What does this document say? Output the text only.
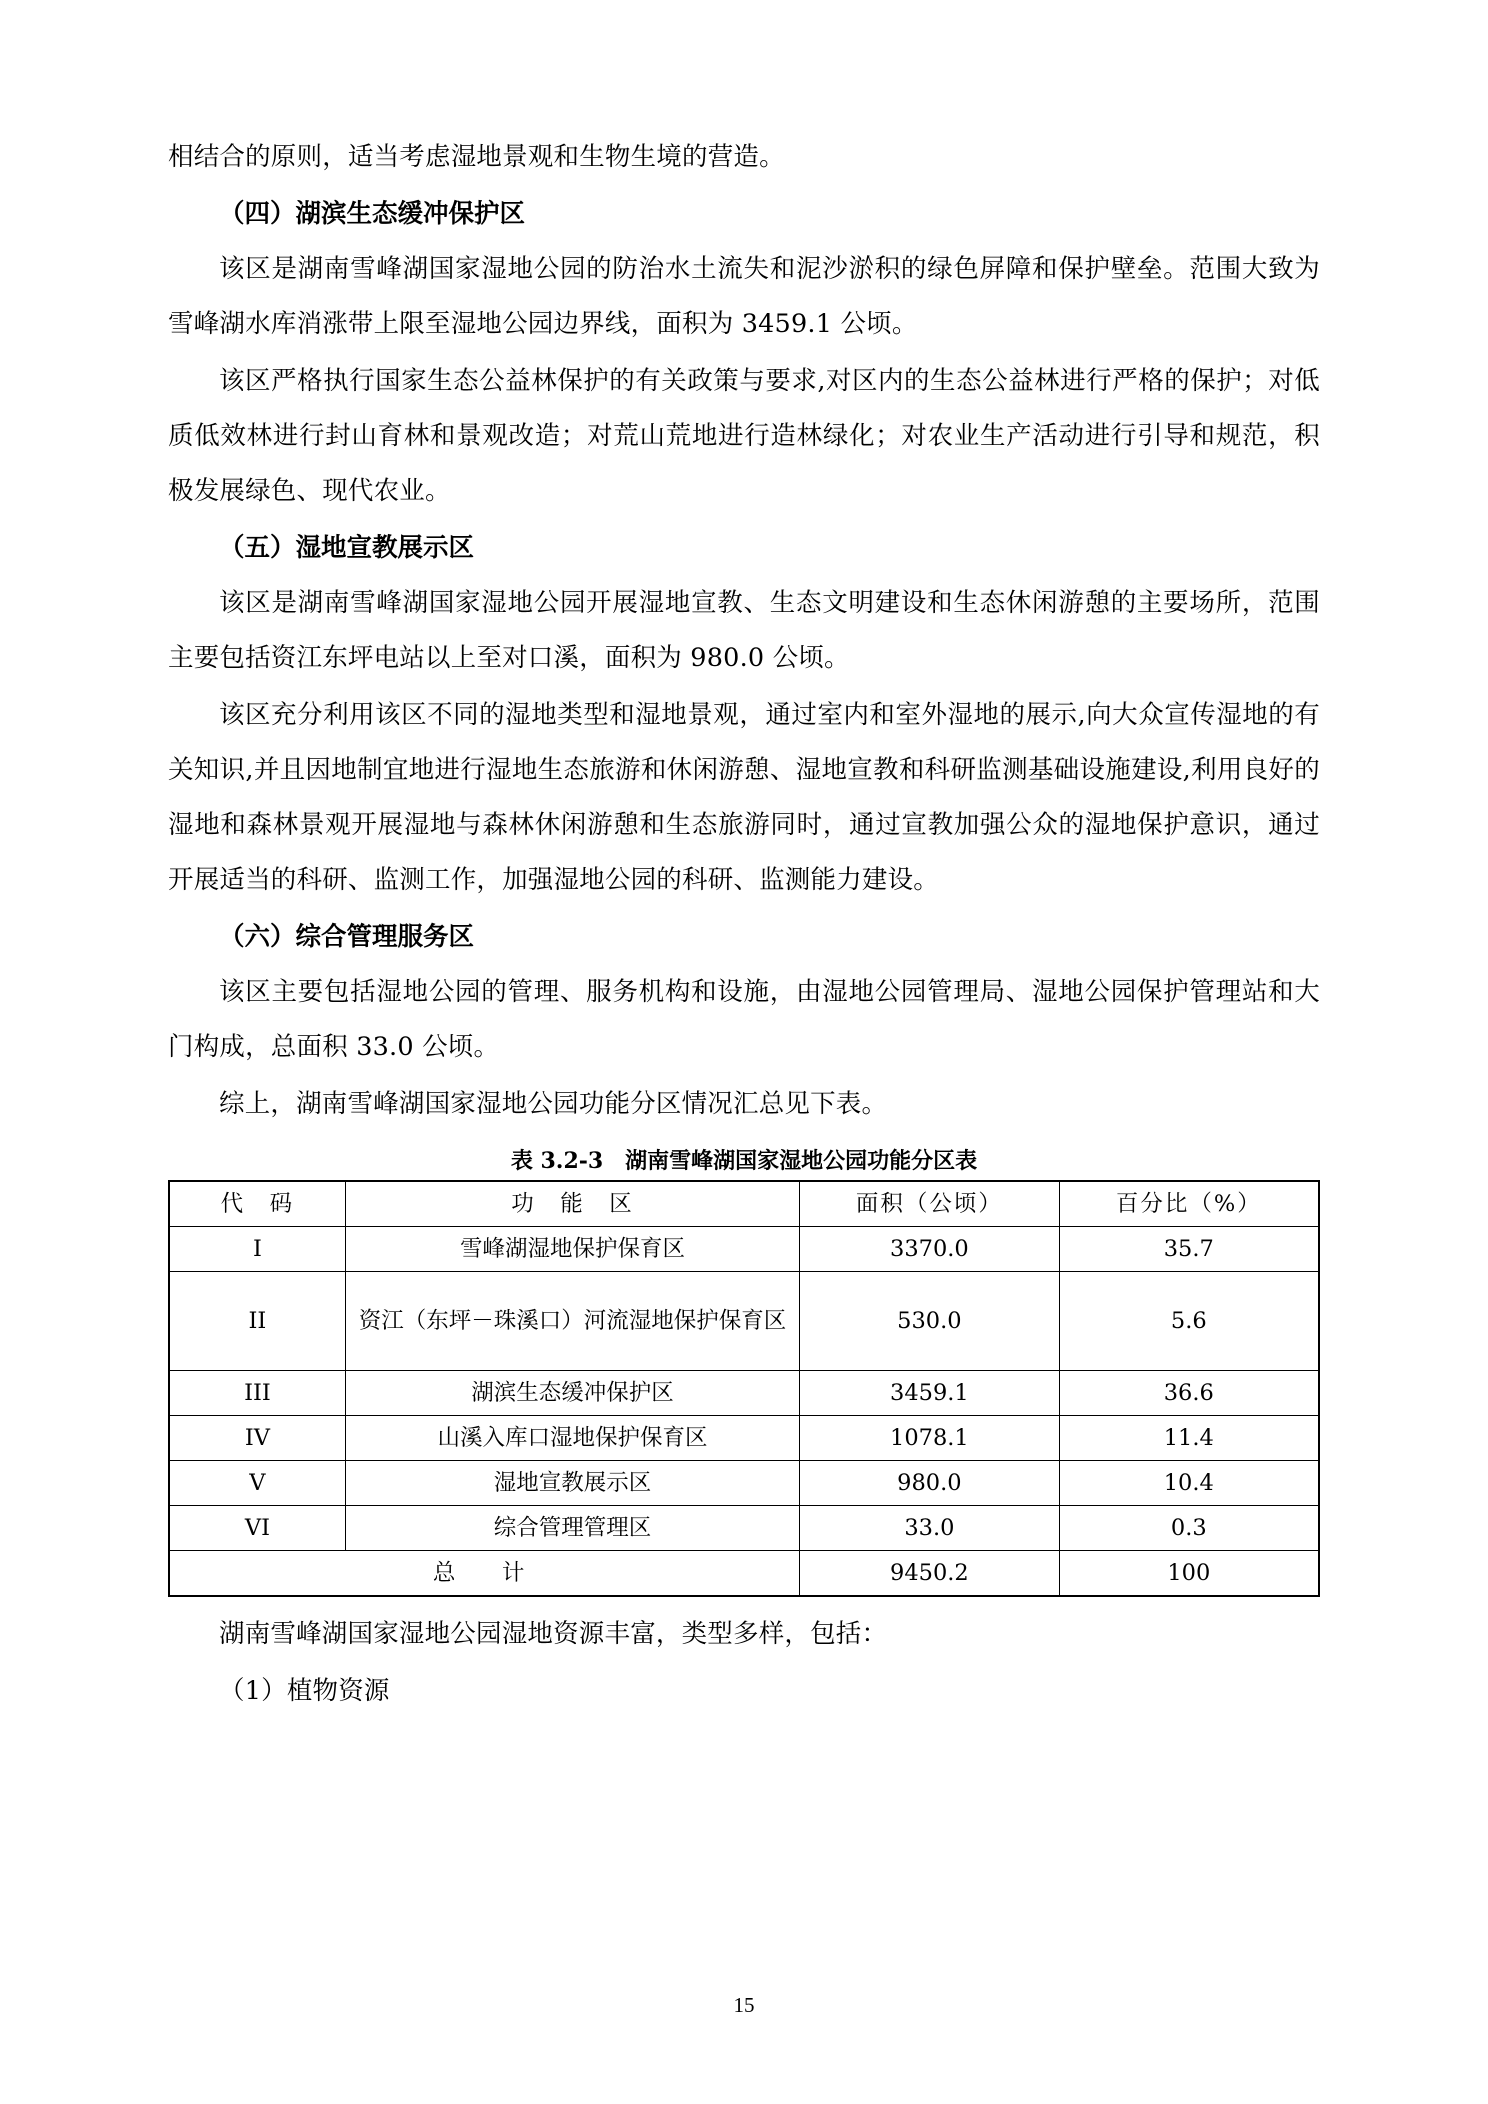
相结合的原则，适当考虑湿地景观和生物生境的营造。

（四）湖滨生态缓冲保护区

该区是湖南雪峰湖国家湿地公园的防治水土流失和泥沙淤积的绿色屏障和保护壁垒。范围大致为雪峰湖水库消涨带上限至湿地公园边界线，面积为 3459.1 公顷。

该区严格执行国家生态公益林保护的有关政策与要求,对区内的生态公益林进行严格的保护；对低质低效林进行封山育林和景观改造；对荒山荒地进行造林绿化；对农业生产活动进行引导和规范，积极发展绿色、现代农业。

（五）湿地宣教展示区

该区是湖南雪峰湖国家湿地公园开展湿地宣教、生态文明建设和生态休闲游憩的主要场所，范围主要包括资江东坪电站以上至对口溪，面积为 980.0 公顷。

该区充分利用该区不同的湿地类型和湿地景观，通过室内和室外湿地的展示,向大众宣传湿地的有关知识,并且因地制宜地进行湿地生态旅游和休闲游憩、湿地宣教和科研监测基础设施建设,利用良好的湿地和森林景观开展湿地与森林休闲游憩和生态旅游同时，通过宣教加强公众的湿地保护意识，通过开展适当的科研、监测工作，加强湿地公园的科研、监测能力建设。

（六）综合管理服务区

该区主要包括湿地公园的管理、服务机构和设施，由湿地公园管理局、湿地公园保护管理站和大门构成，总面积 33.0 公顷。

综上，湖南雪峰湖国家湿地公园功能分区情况汇总见下表。

表 3.2-3　湖南雪峰湖国家湿地公园功能分区表
代　码	功　能　区	面积（公顷）	百分比（%）
I	雪峰湖湿地保护保育区	3370.0	35.7
II	资江（东坪－珠溪口）河流湿地保护保育区	530.0	5.6
III	湖滨生态缓冲保护区	3459.1	36.6
IV	山溪入库口湿地保护保育区	1078.1	11.4
V	湿地宣教展示区	980.0	10.4
VI	综合管理管理区	33.0	0.3
总　计		9450.2	100

湖南雪峰湖国家湿地公园湿地资源丰富，类型多样，包括：

（1）植物资源

15
